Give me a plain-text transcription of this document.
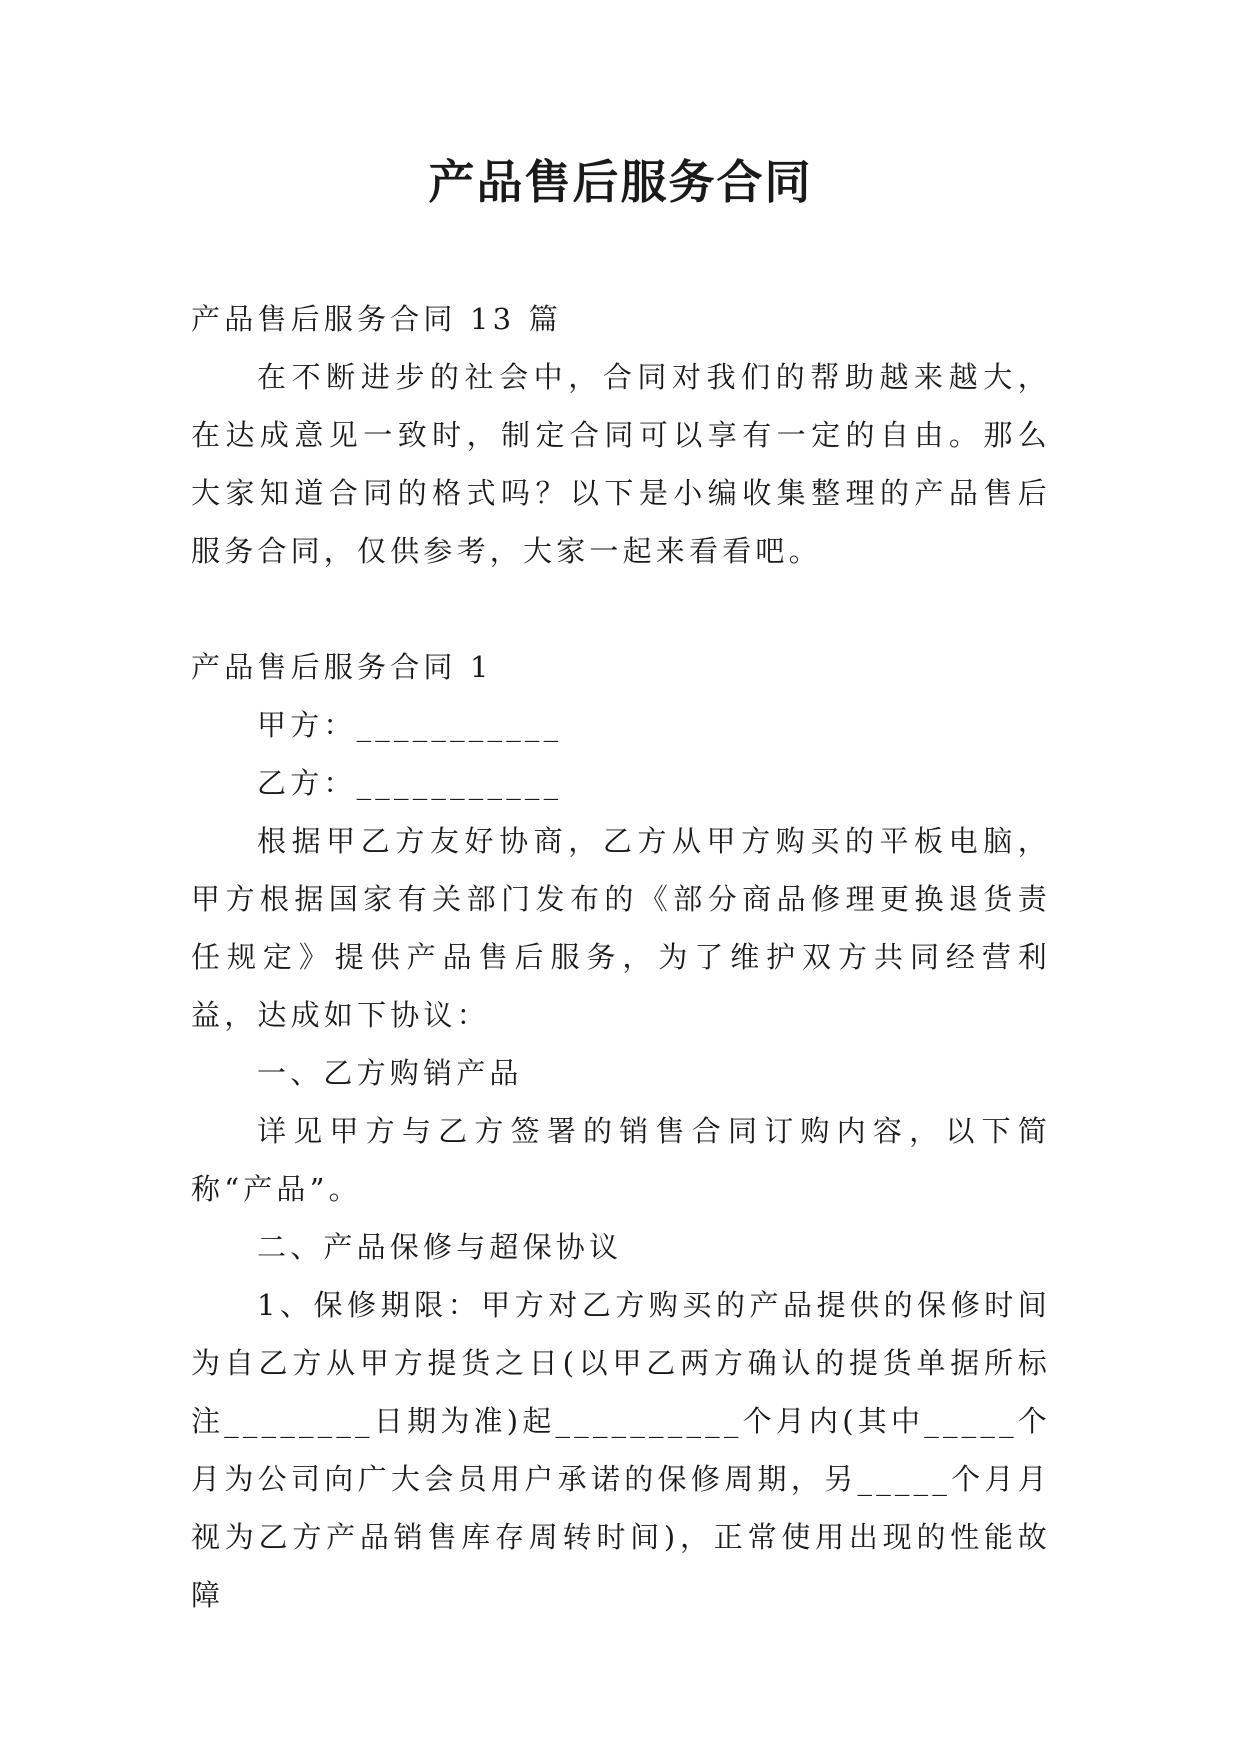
产品售后服务合同

产品售后服务合同 13 篇

在不断进步的社会中，合同对我们的帮助越来越大，在达成意见一致时，制定合同可以享有一定的自由。那么大家知道合同的格式吗？以下是小编收集整理的产品售后服务合同，仅供参考，大家一起来看看吧。

产品售后服务合同 1

甲方：___________

乙方：___________

根据甲乙方友好协商，乙方从甲方购买的平板电脑，甲方根据国家有关部门发布的《部分商品修理更换退货责任规定》提供产品售后服务，为了维护双方共同经营利益，达成如下协议：

一、乙方购销产品

详见甲方与乙方签署的销售合同订购内容，以下简称“产品”。

二、产品保修与超保协议

1、保修期限：甲方对乙方购买的产品提供的保修时间为自乙方从甲方提货之日(以甲乙两方确认的提货单据所标注________日期为准)起__________个月内(其中_____个月为公司向广大会员用户承诺的保修周期，另_____个月月视为乙方产品销售库存周转时间)，正常使用出现的性能故障
